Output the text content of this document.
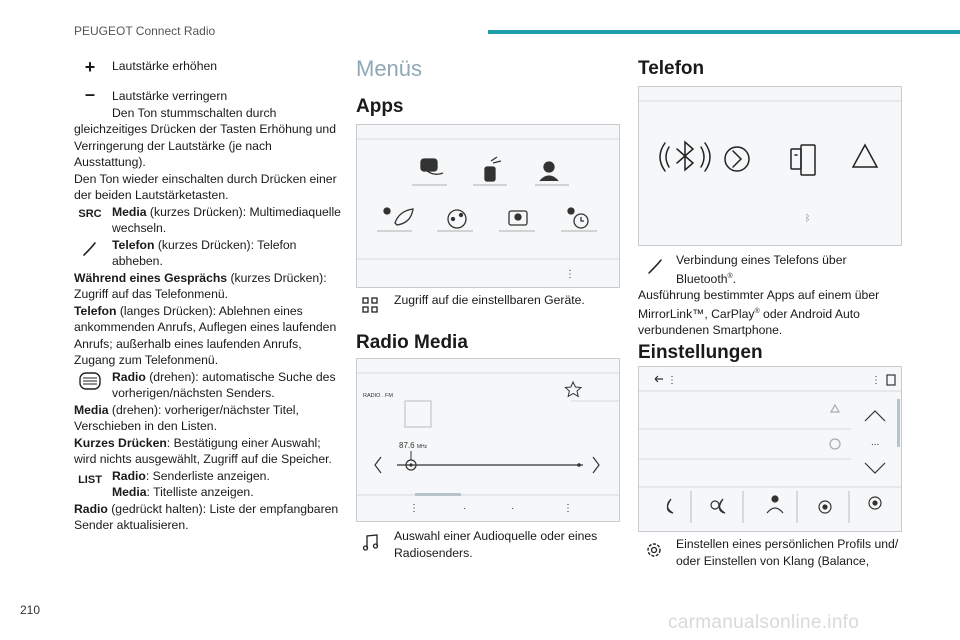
PEUGEOT Connect Radio
210
carmanualsonline.info
+	Lautstärke erhöhen
–	Lautstärke verringern
Den Ton stummschalten durch gleichzeitiges Drücken der Tasten Erhöhung und Verringerung der Lautstärke (je nach Ausstattung).
Den Ton wieder einschalten durch Drücken einer der beiden Lautstärketasten.
SRC Media (kurzes Drücken): Multimediaquelle wechseln.
Telefon (kurzes Drücken): Telefon abheben.
Während eines Gesprächs (kurzes Drücken): Zugriff auf das Telefonmenü.
Telefon (langes Drücken): Ablehnen eines ankommenden Anrufs, Auflegen eines laufenden Anrufs; außerhalb eines laufenden Anrufs, Zugang zum Telefonmenü.
Radio (drehen): automatische Suche des vorherigen/nächsten Senders.
Media (drehen): vorheriger/nächster Titel, Verschieben in den Listen.
Kurzes Drücken: Bestätigung einer Auswahl; wird nichts ausgewählt, Zugriff auf die Speicher.
LIST Radio: Senderliste anzeigen.
Media: Titelliste anzeigen.
Radio (gedrückt halten): Liste der empfangbaren Sender aktualisieren.
Menüs
Apps
⋮
Zugriff auf die einstellbaren Geräte.
Radio Media
⋮	·	·	⋮
RADIO . FM
87.6 MHz
Auswahl einer Audioquelle oder eines Radiosenders.
Telefon
ᛒ
Verbindung eines Telefons über Bluetooth®.
Ausführung bestimmter Apps auf einem über MirrorLink™, CarPlay® oder Android Auto verbundenen Smartphone.
Einstellungen
⋮	⋮
...
Einstellen eines persönlichen Profils und/ oder Einstellen von Klang (Balance,
